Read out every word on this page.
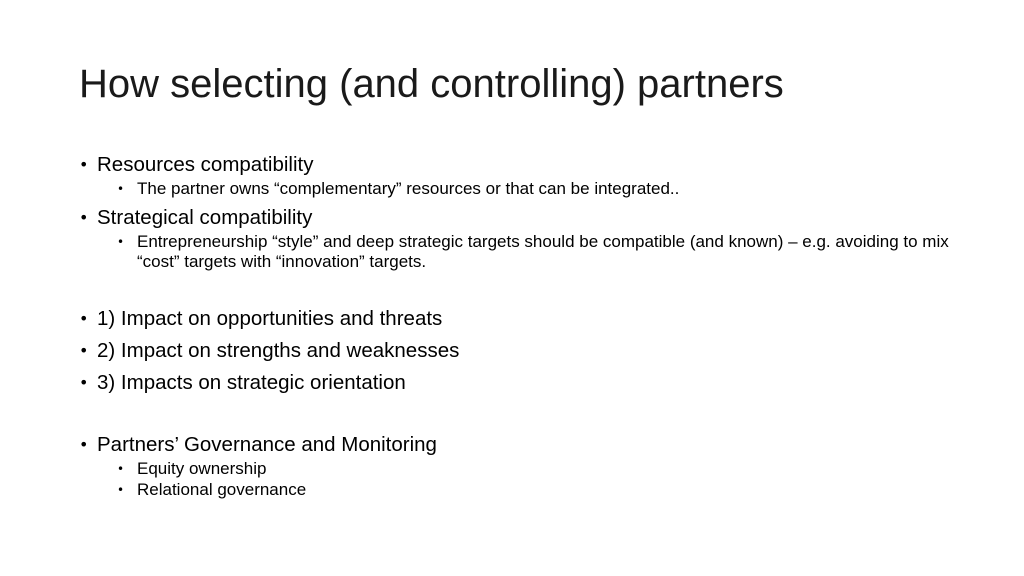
How selecting (and controlling) partners
• Resources compatibility
• The partner owns “complementary” resources or that can be integrated..
• Strategical compatibility
• Entrepreneurship “style” and deep strategic targets should be compatible (and known) – e.g. avoiding to mix “cost” targets with “innovation” targets.
• 1) Impact on opportunities and threats
• 2) Impact on strengths and weaknesses
• 3) Impacts on strategic orientation
• Partners’ Governance and Monitoring
• Equity ownership
• Relational governance
